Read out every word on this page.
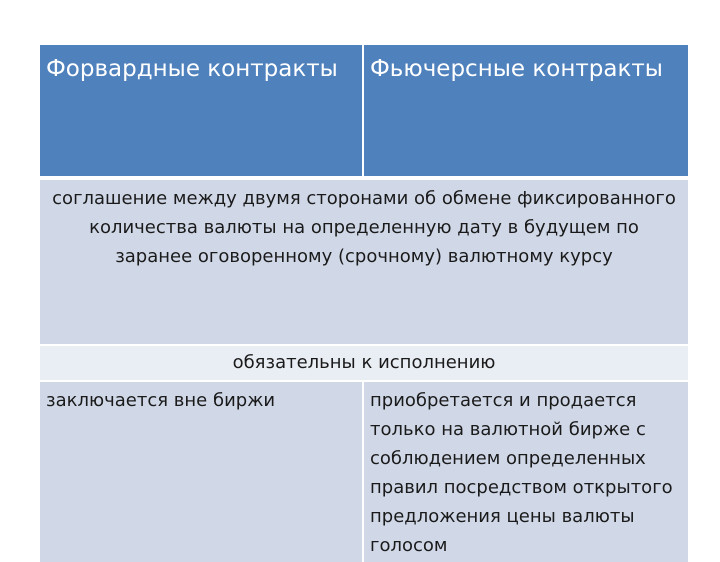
Форвардные контракты	Фьючерсные контракты
соглашение между двумя сторонами об обмене фиксированного количества валюты на определенную дату в будущем по заранее оговоренному (срочному) валютному курсу
обязательны к исполнению
заключается вне биржи	приобретается и продается только на валютной бирже с соблюдением определенных правил посредством открытого предложения цены валюты голосом
